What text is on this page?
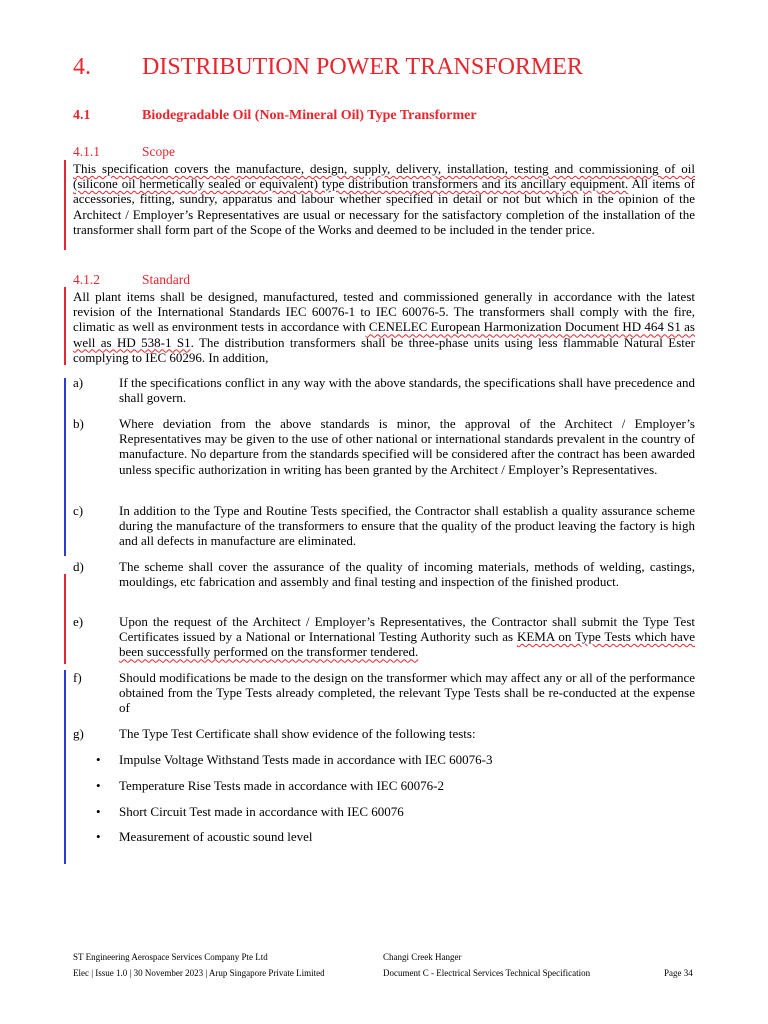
4. DISTRIBUTION POWER TRANSFORMER
4.1	Biodegradable Oil (Non-Mineral Oil) Type Transformer
4.1.1	Scope

This specification covers the manufacture, design, supply, delivery, installation, testing and commissioning of oil (silicone oil hermetically sealed or equivalent) type distribution transformers and its ancillary equipment. All items of accessories, fitting, sundry, apparatus and labour whether specified in detail or not but which in the opinion of the Architect / Employer’s Representatives are usual or necessary for the satisfactory completion of the installation of the transformer shall form part of the Scope of the Works and deemed to be included in the tender price.

4.1.2	Standard

All plant items shall be designed, manufactured, tested and commissioned generally in accordance with the latest revision of the International Standards IEC 60076-1 to IEC 60076-5. The transformers shall comply with the fire, climatic as well as environment tests in accordance with CENELEC European Harmonization Document HD 464 S1 as well as HD 538-1 S1. The distribution transformers shall be three-phase units using less flammable Natural Ester complying to IEC 60296. In addition,

a)	If the specifications conflict in any way with the above standards, the specifications shall have precedence and shall govern.
b)	Where deviation from the above standards is minor, the approval of the Architect / Employer’s Representatives may be given to the use of other national or international standards prevalent in the country of manufacture. No departure from the standards specified will be considered after the contract has been awarded unless specific authorization in writing has been granted by the Architect / Employer’s Representatives.
c)	In addition to the Type and Routine Tests specified, the Contractor shall establish a quality assurance scheme during the manufacture of the transformers to ensure that the quality of the product leaving the factory is high and all defects in manufacture are eliminated.
d)	The scheme shall cover the assurance of the quality of incoming materials, methods of welding, castings, mouldings, etc fabrication and assembly and final testing and inspection of the finished product.
e)	Upon the request of the Architect / Employer’s Representatives, the Contractor shall submit the Type Test Certificates issued by a National or International Testing Authority such as KEMA on Type Tests which have been successfully performed on the transformer tendered.
f)	Should modifications be made to the design on the transformer which may affect any or all of the performance obtained from the Type Tests already completed, the relevant Type Tests shall be re-conducted at the expense of
g)	The Type Test Certificate shall show evidence of the following tests:
• Impulse Voltage Withstand Tests made in accordance with IEC 60076-3
• Temperature Rise Tests made in accordance with IEC 60076-2
• Short Circuit Test made in accordance with IEC 60076
• Measurement of acoustic sound level
ST Engineering Aerospace Services Company Pte Ltd	Changi Creek Hanger
Elec | Issue 1.0 | 30 November 2023 | Arup Singapore Private Limited	Document C - Electrical Services Technical Specification	Page 34
